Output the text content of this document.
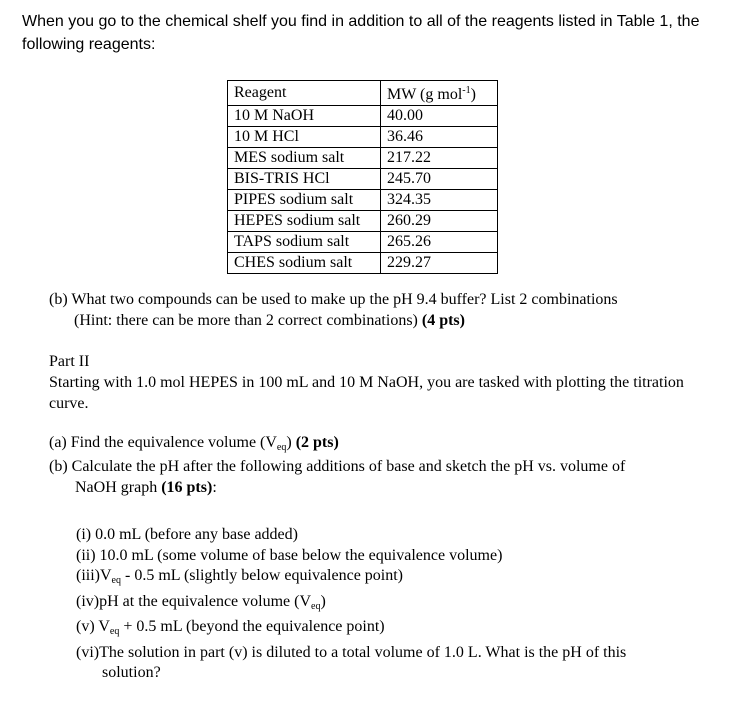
When you go to the chemical shelf you find in addition to all of the reagents listed in Table 1, the following reagents:
Reagent	MW (g mol$^{-1}$)
10 M NaOH	40.00
10 M HCl	36.46
MES sodium salt	217.22
BIS-TRIS HCl	245.70
PIPES sodium salt	324.35
HEPES sodium salt	260.29
TAPS sodium salt	265.26
CHES sodium salt	229.27
(b) What two compounds can be used to make up the pH 9.4 buffer? List 2 combinations
(Hint: there can be more than 2 correct combinations) (4 pts)
Part II
Starting with 1.0 mol HEPES in 100 mL and 10 M NaOH, you are tasked with plotting the titration curve.
(a) Find the equivalence volume (Veq) (2 pts)
(b) Calculate the pH after the following additions of base and sketch the pH vs. volume of
NaOH graph (16 pts):
(i) 0.0 mL (before any base added)
(ii) 10.0 mL (some volume of base below the equivalence volume)
(iii)Veq - 0.5 mL (slightly below equivalence point)
(iv)pH at the equivalence volume (Veq)
(v) Veq + 0.5 mL (beyond the equivalence point)
(vi)The solution in part (v) is diluted to a total volume of 1.0 L. What is the pH of this
solution?
